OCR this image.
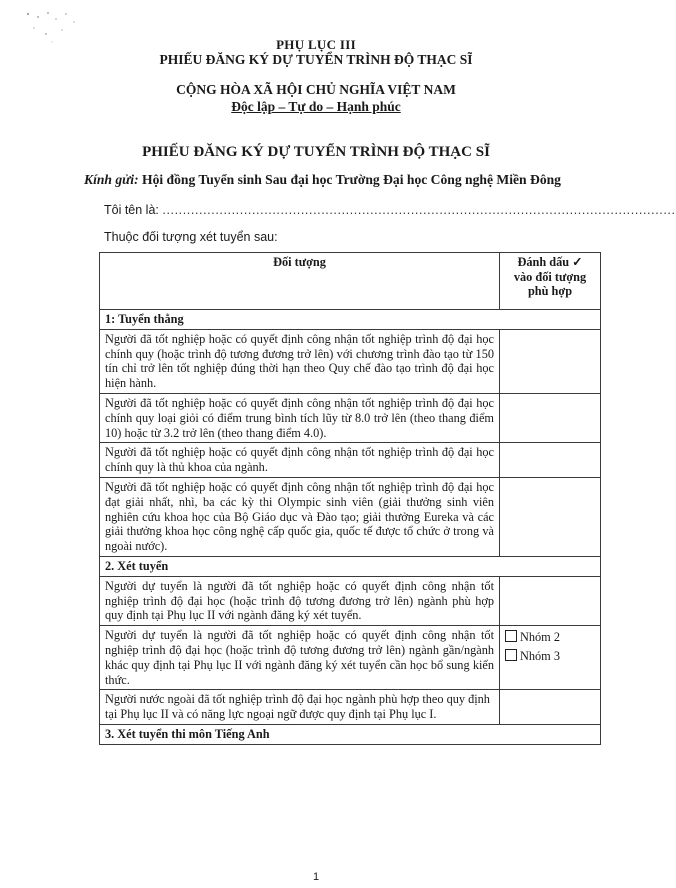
PHỤ LỤC III
PHIẾU ĐĂNG KÝ DỰ TUYỂN TRÌNH ĐỘ THẠC SĨ
CỘNG HÒA XÃ HỘI CHỦ NGHĨA VIỆT NAM
Độc lập – Tự do – Hạnh phúc
PHIẾU ĐĂNG KÝ DỰ TUYỂN TRÌNH ĐỘ THẠC SĨ
Kính gửi: Hội đồng Tuyển sinh Sau đại học Trường Đại học Công nghệ Miền Đông
Tôi tên là: ..............................................................................................................................
Thuộc đối tượng xét tuyển sau:
Đối tượng	Đánh dấu ✓
vào đối tượng
phù hợp

1: Tuyển thẳng	
Người đã tốt nghiệp hoặc có quyết định công nhận tốt nghiệp trình độ đại học chính quy (hoặc trình độ tương đương trở lên) với chương trình đào tạo từ 150 tín chỉ trở lên tốt nghiệp đúng thời hạn theo Quy chế đào tạo trình độ đại học hiện hành.	
Người đã tốt nghiệp hoặc có quyết định công nhận tốt nghiệp trình độ đại học chính quy loại giỏi có điểm trung bình tích lũy từ 8.0 trở lên (theo thang điểm 10) hoặc từ 3.2 trở lên (theo thang điểm 4.0).	
Người đã tốt nghiệp hoặc có quyết định công nhận tốt nghiệp trình độ đại học chính quy là thủ khoa của ngành.	
Người đã tốt nghiệp hoặc có quyết định công nhận tốt nghiệp trình độ đại học đạt giải nhất, nhì, ba các kỳ thi Olympic sinh viên (giải thưởng sinh viên nghiên cứu khoa học của Bộ Giáo dục và Đào tạo; giải thưởng Eureka và các giải thưởng khoa học công nghệ cấp quốc gia, quốc tế được tổ chức ở trong và ngoài nước).	
2. Xét tuyển	
Người dự tuyển là người đã tốt nghiệp hoặc có quyết định công nhận tốt nghiệp trình độ đại học (hoặc trình độ tương đương trở lên) ngành phù hợp quy định tại Phụ lục II với ngành đăng ký xét tuyển.	
Người dự tuyển là người đã tốt nghiệp hoặc có quyết định công nhận tốt nghiệp trình độ đại học (hoặc trình độ tương đương trở lên) ngành gần/ngành khác quy định tại Phụ lục II với ngành đăng ký xét tuyển cần học bổ sung kiến thức.	Nhóm 2
Nhóm 3

Người nước ngoài đã tốt nghiệp trình độ đại học ngành phù hợp theo quy định tại Phụ lục II và có năng lực ngoại ngữ được quy định tại Phụ lục I.	
3. Xét tuyển thi môn Tiếng Anh	
1
